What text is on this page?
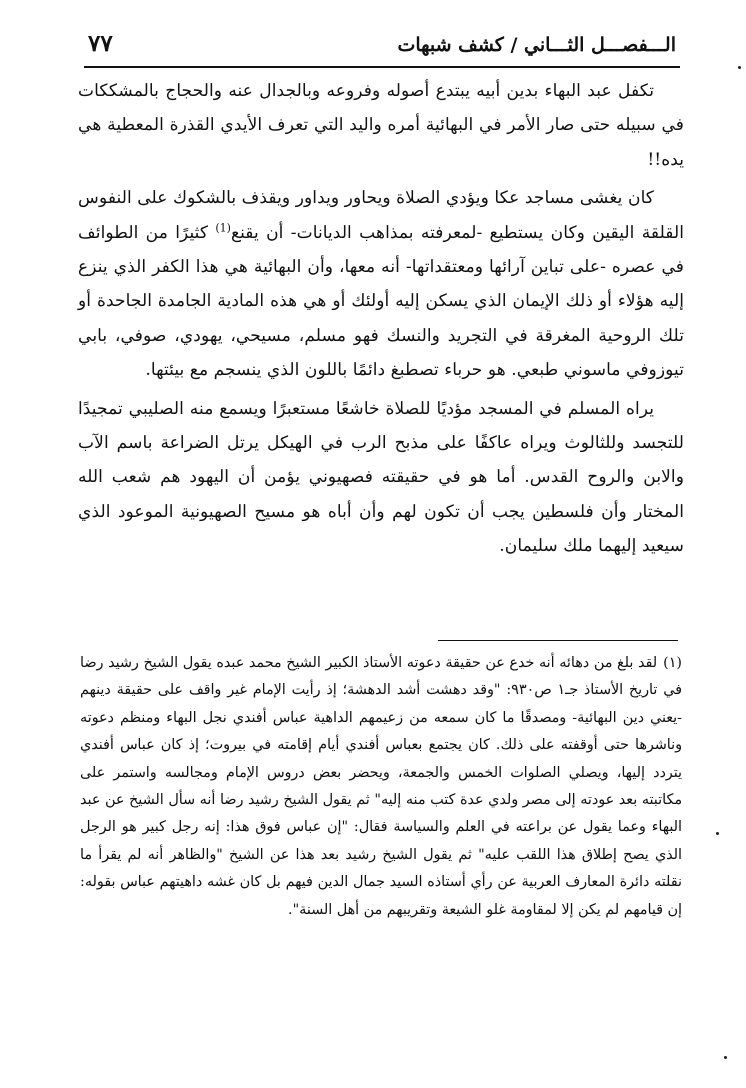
الـــفصـــل الثـــاني / كشف شبهات
٧٧

تكفل عبد البهاء بدين أبيه يبتدع أصوله وفروعه وبالجدال عنه والحجاج بالمشككات في سبيله حتى صار الأمر في البهائية أمره واليد التي تعرف الأيدي القذرة المعطية هي يده!!

كان يغشى مساجد عكا ويؤدي الصلاة ويحاور ويداور ويقذف بالشكوك على النفوس القلقة اليقين وكان يستطيع -لمعرفته بمذاهب الديانات- أن يقنع$^{(1)}$ كثيرًا من الطوائف في عصره -على تباين آرائها ومعتقداتها- أنه معها، وأن البهائية هي هذا الكفر الذي ينزع إليه هؤلاء أو ذلك الإيمان الذي يسكن إليه أولئك أو هي هذه المادية الجامدة الجاحدة أو تلك الروحية المغرقة في التجريد والنسك فهو مسلم، مسيحي، يهودي، صوفي، بابي تيوزوفي ماسوني طبعي. هو حرباء تصطبغ دائمًا باللون الذي ينسجم مع بيئتها.

يراه المسلم في المسجد مؤديًا للصلاة خاشعًا مستعبرًا ويسمع منه الصليبي تمجيدًا للتجسد وللثالوث ويراه عاكفًا على مذبح الرب في الهيكل يرتل الضراعة باسم الآب والابن والروح القدس. أما هو في حقيقته فصهيوني يؤمن أن اليهود هم شعب الله المختار وأن فلسطين يجب أن تكون لهم وأن أباه هو مسيح الصهيونية الموعود الذي سيعيد إليهما ملك سليمان.

(١)لقد بلغ من دهائه أنه خدع عن حقيقة دعوته الأستاذ الكبير الشيخ محمد عبده يقول الشيخ رشيد رضا في تاريخ الأستاذ جـ١ ص٩٣٠: "وقد دهشت أشد الدهشة؛ إذ رأيت الإمام غير واقف على حقيقة دينهم -يعني دين البهائية- ومصدقًا ما كان سمعه من زعيمهم الداهية عباس أفندي نجل البهاء ومنظم دعوته وناشرها حتى أوقفته على ذلك. كان يجتمع بعباس أفندي أيام إقامته في بيروت؛ إذ كان عباس أفندي يتردد إليها، ويصلي الصلوات الخمس والجمعة، ويحضر بعض دروس الإمام ومجالسه واستمر على مكاتبته بعد عودته إلى مصر ولدي عدة كتب منه إليه" ثم يقول الشيخ رشيد رضا أنه سأل الشيخ عن عبد البهاء وعما يقول عن براعته في العلم والسياسة فقال: "إن عباس فوق هذا: إنه رجل كبير هو الرجل الذي يصح إطلاق هذا اللقب عليه" ثم يقول الشيخ رشيد بعد هذا عن الشيخ "والظاهر أنه لم يقرأ ما نقلته دائرة المعارف العربية عن رأي أستاذه السيد جمال الدين فيهم بل كان غشه داهيتهم عباس بقوله: إن قيامهم لم يكن إلا لمقاومة غلو الشيعة وتقريبهم من أهل السنة".
